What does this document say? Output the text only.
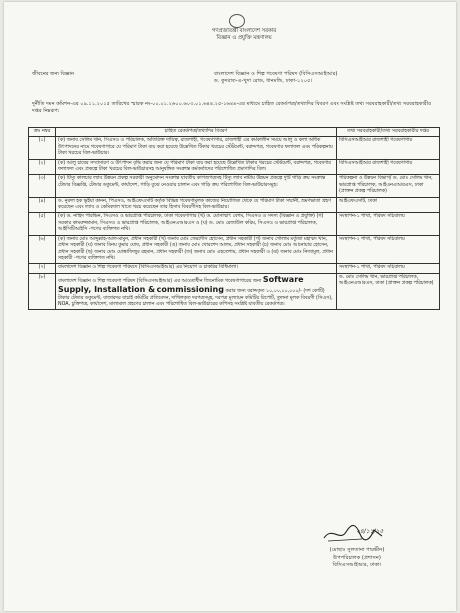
গণপ্রজাতন্ত্রী বাংলাদেশ সরকার
বিজ্ঞান ও প্রযুক্তি মন্ত্রণালয়
জীবনের জন্য বিজ্ঞান	বাংলাদেশ বিজ্ঞান ও শিল্প গবেষণা পরিষদ (বিসিএসআইআর)
ড. কুদরাত-এ-খুদা রোড, ধানমন্ডি, ঢাকা-১২০৫।
দুর্নীতি দমন কমিশন-এর ০৯.১১.২০১৫ তারিখের স্মারক নং-০০.০১.২৬০০.৬০৩.০১.৬৪৪.২৫-১৬৪৪-এর মাধ্যমে চাহিত রেকর্ডপত্র/তথ্যাদির বিবরণ এবং সংশ্লিষ্ট তথ্য সরবরাহকারী/তথ্য সরবরাহকারীর দপ্তর নিম্নরূপ:
ক্রঃ নম্বর	চাহিত রেকর্ডপত্র/তথ্যাদির বিবরণ	তথ্য সরবরাহকারী/তথ্য সরবরাহকারীর দপ্তর
(১)	(ক) জনাব সেলিম খান, সিএসও ও পরিচালক, অতিরিক্ত দায়িত্ব, রাজশাহী, গবেষণাগার, রাজশাহী এর কর্মকালীন সময়ে আলু ও কলা অধিক উৎপাদনের নামে গবেষণাগারে যে পরিমাণ টাকা ব্যয় করা হয়েছে উল্লেখিত টিকার খরচের স্টেটমেন্ট, বরাদ্দপত্র, গবেষণার ফলাফল এবং পরিকল্পনায় টাকা খরচের বিল-ভাউচার।	বিসিএসআইআর রাজশাহী গবেষণাগার
(২)	(ক) আলু চাষের সম্প্রসারণ ও উৎপাদন বৃদ্ধি করার জন্য যে পরিমাণ টাকা ব্যয় করা হয়েছে উল্লেখিত টাকার খরচের স্টেটমেন্ট, বরাদ্দপত্র, গবেষণার ফলাফল এবং প্রকল্পে টাকা খরচের বিল-ভাউচারসহ আনুষঙ্গিক সংক্রান্ত কর্মকর্তাদের পরিশোধিত প্রমাণাদির বিল।	বিসিএসআইআর রাজশাহী গবেষণাগার
(৩)	(ক) টিস্যু কালচার ল্যাব উন্নয়ন প্রকল্প সরকারী অনুমোদন সংক্রান্ত যাবতীয় কাগজপত্রসহ টিস্যু ল্যাব নামীয় উন্নয়ন প্রকল্পে দুটি গাড়ি ক্রয় সংক্রান্ত টেন্ডার বিজ্ঞপ্তি, টেন্ডার ডকুমেন্ট, কার্যাদেশ, গাড়ি বুঝে নেওয়ার চালান এবং গাড়ি ক্রয় পরিশোধিত বিল-ভাউচারসমূহ।	পরিকল্পনা ও উন্নয়ন বিভাগ/ ড. মোঃ সেলিম খান, ভারপ্রাপ্ত পরিচালক, আইএনএআরএস, ঢাকা (প্রাক্তন প্রকল্প পরিচালক)
(৪)	ড. নুরুল হক ভূইয়া কানন, পিএসও, আইএফএসটি কর্তৃক বিভিন্ন গবেষণামূলক কাজের নিয়োজিত থেকে যে পরিমাণ টাকা সম্মানী, ভ্রমণভাতা গ্রহণ করেছেন এবং ল্যাব ও কেমিক্যাল খাতে খরচ করেছেন তার হিসাব বিবরণীসহ বিল-ভাউচার।	আইএফএসটি, ঢাকা
(৫)	(ক) ড. নাহিদ পারভিন, সিএসও ও ভারপ্রাপ্ত পরিচালক, ঢাকা গবেষণাগার (খ) ড. মোসাম্মাৎ বেগম, সিএসও ও সদস্য (বিজ্ঞান ও প্রযুক্তি) (গ) সরকার কামরুজ্জামান, সিএসও ও ভারপ্রাপ্ত পরিচালক, আইএনএআরএস ও (ঘ) ড. মোঃ রেজাউল করিম, সিএসও ও ভারপ্রাপ্ত পরিচালক, আইসিটিআইসি -গণের ব্যক্তিগত নথি।	সংস্থাপন-১ শাখা, পরিষদ সচিবালয়
(৬)	(ক) জনাব মোঃ আব্দুল্লাহ-আল-মামুন, প্রধান সহকারী (খ) জনাব মোঃ ফেরদৌস হোসেন, প্রধান সহকারী (গ) জনাব গোলাম মর্তুজা মহাম্মদ খান, প্রধান সহকারী (ঘ) জনাব বিনয় কুমার ঘোষ, প্রধান সহকারী (ঙ) জনাব মোঃ খোরশেদ আলম, প্রধান সহকারী (চ) জনাব মোঃ আনোয়ার হোসেন, প্রধান সহকারী (ছ) জনাব মোঃ মোস্তাফিজুর রহমান, প্রধান সহকারী (জ) জনাব মোঃ এহতেশাম, প্রধান সহকারী ও (ঝ) জনাব মোঃ নিজামুল, প্রধান সহকারী -গণের ব্যক্তিগত নথি।	সংস্থাপন-২ শাখা, পরিষদ সচিবালয়
(৭)	বাংলাদেশ বিজ্ঞান ও শিল্প গবেষণা পরিষদে (বিসিএসআইআর) এর নিয়োগ ও চাকরির বিধিমালা।	সংস্থাপন-১ শাখা, পরিষদ সচিবালয়
(৮)	বাংলাদেশ বিজ্ঞান ও শিল্প গবেষণা পরিষদ (বিসিএসআইআর) এর আওতাধীন জিনোমিক গবেষণাগারের জন্য Software Supply, Installation & commissioning করার জন্য বরাদ্দকৃত ১০,০০,০০,০০০/- (দশ কোটি) টাকার টেন্ডার ডকুমেন্ট, বাজারদর যাচাই কমিটির প্রতিবেদন, দাখিলকৃত দরপত্রসমূহ, দরপত্র মূল্যায়ন কমিটির রিপোর্ট, তুলনা মূলক বিবরণী (সিএস), NOA, চুক্তিপত্র, কার্যাদেশ, মালামাল গ্রহণের চালান এবং পরিশোধিত বিল-ভাউচারের কপিসহ সংশ্লিষ্ট যাবতীয় রেকর্ডপত্র।	ড. মোঃ সেলিম খান, ভারপ্রাপ্ত পরিচালক, আইএনএআরএস, ঢাকা (প্রাক্তন প্রকল্প পরিচালক)
২৪/১১/১৫
(মোছাঃ সুলতানা পারভীন)
উপপরিচালক (প্রশাসন)
বিসিএসআইআর, ঢাকা।
